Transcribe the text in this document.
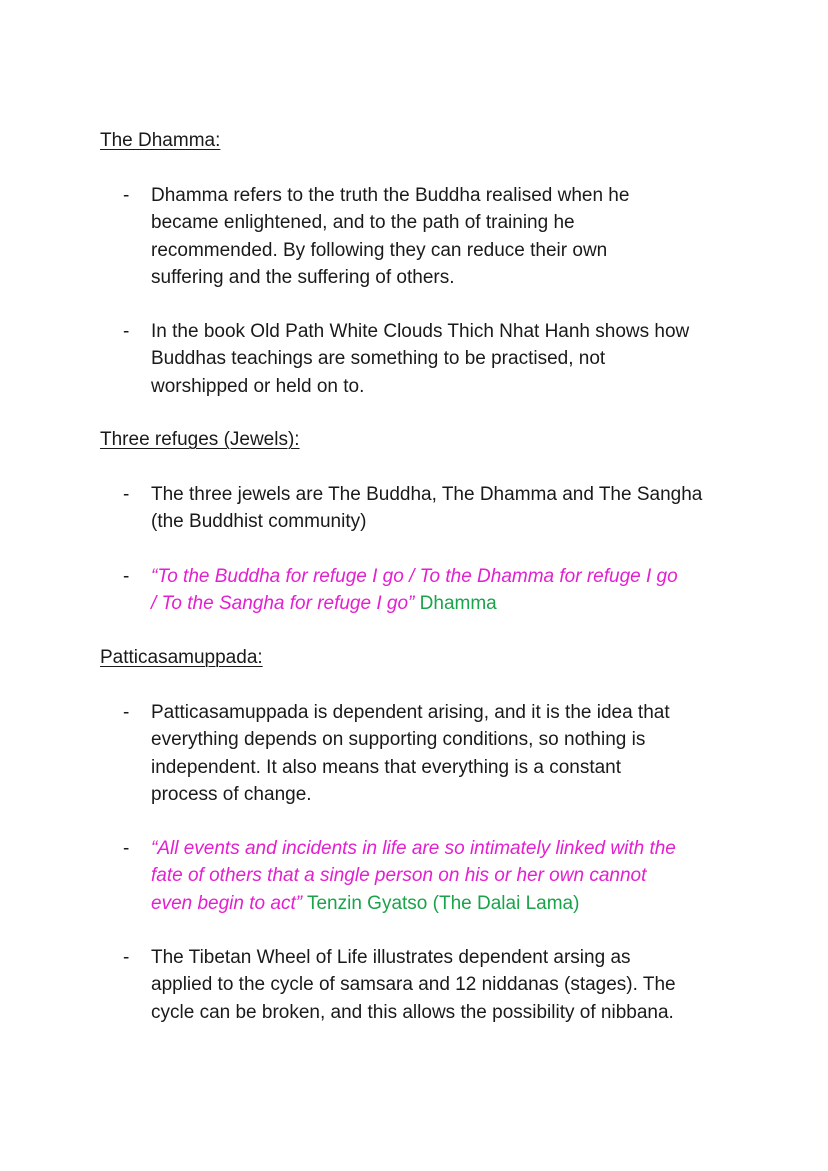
The Dhamma:
-	Dhamma refers to the truth the Buddha realised when he
became enlightened, and to the path of training he
recommended. By following they can reduce their own
suffering and the suffering of others.

-	In the book Old Path White Clouds Thich Nhat Hanh shows how
Buddhas teachings are something to be practised, not
worshipped or held on to.

Three refuges (Jewels):
-	The three jewels are The Buddha, The Dhamma and The Sangha
(the Buddhist community)

-	“To the Buddha for refuge I go / To the Dhamma for refuge I go
/ To the Sangha for refuge I go” Dhamma

Patticasamuppada:
-	Patticasamuppada is dependent arising, and it is the idea that
everything depends on supporting conditions, so nothing is
independent. It also means that everything is a constant
process of change.

-	“All events and incidents in life are so intimately linked with the
fate of others that a single person on his or her own cannot
even begin to act” Tenzin Gyatso (The Dalai Lama)

-	The Tibetan Wheel of Life illustrates dependent arsing as
applied to the cycle of samsara and 12 niddanas (stages). The
cycle can be broken, and this allows the possibility of nibbana.
